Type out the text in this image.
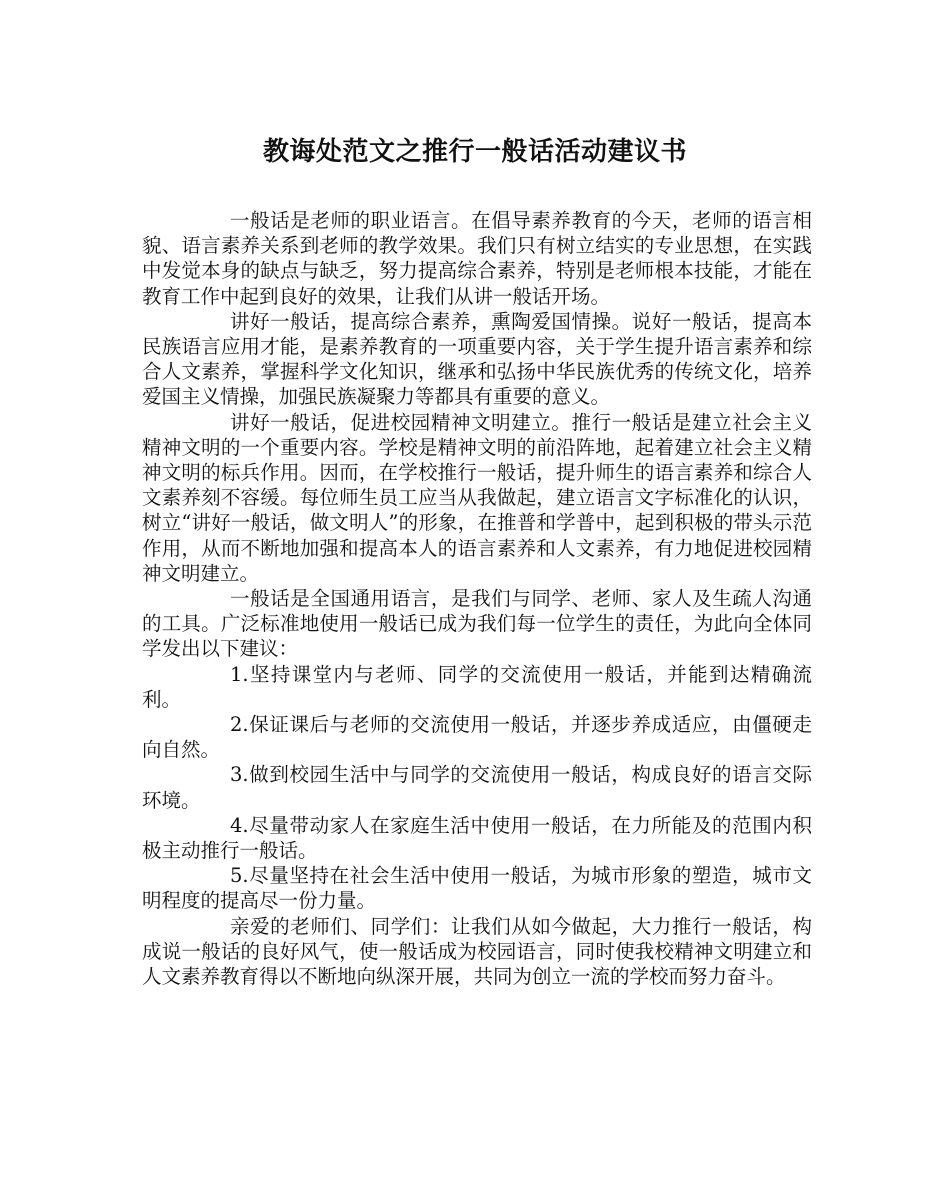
教诲处范文之推行一般话活动建议书

一般话是老师的职业语言。在倡导素养教育的今天，老师的语言相貌、语言素养关系到老师的教学效果。我们只有树立结实的专业思想，在实践中发觉本身的缺点与缺乏，努力提高综合素养，特别是老师根本技能，才能在教育工作中起到良好的效果，让我们从讲一般话开场。

讲好一般话，提高综合素养，熏陶爱国情操。说好一般话，提高本民族语言应用才能，是素养教育的一项重要内容，关于学生提升语言素养和综合人文素养，掌握科学文化知识，继承和弘扬中华民族优秀的传统文化，培养爱国主义情操，加强民族凝聚力等都具有重要的意义。

讲好一般话，促进校园精神文明建立。推行一般话是建立社会主义精神文明的一个重要内容。学校是精神文明的前沿阵地，起着建立社会主义精神文明的标兵作用。因而，在学校推行一般话，提升师生的语言素养和综合人文素养刻不容缓。每位师生员工应当从我做起，建立语言文字标准化的认识，树立“讲好一般话，做文明人”的形象，在推普和学普中，起到积极的带头示范作用，从而不断地加强和提高本人的语言素养和人文素养，有力地促进校园精神文明建立。

一般话是全国通用语言，是我们与同学、老师、家人及生疏人沟通的工具。广泛标准地使用一般话已成为我们每一位学生的责任，为此向全体同学发出以下建议：

1.坚持课堂内与老师、同学的交流使用一般话，并能到达精确流利。

2.保证课后与老师的交流使用一般话，并逐步养成适应，由僵硬走向自然。

3.做到校园生活中与同学的交流使用一般话，构成良好的语言交际环境。

4.尽量带动家人在家庭生活中使用一般话，在力所能及的范围内积极主动推行一般话。

5.尽量坚持在社会生活中使用一般话，为城市形象的塑造，城市文明程度的提高尽一份力量。

亲爱的老师们、同学们：让我们从如今做起，大力推行一般话，构成说一般话的良好风气，使一般话成为校园语言，同时使我校精神文明建立和人文素养教育得以不断地向纵深开展，共同为创立一流的学校而努力奋斗。
